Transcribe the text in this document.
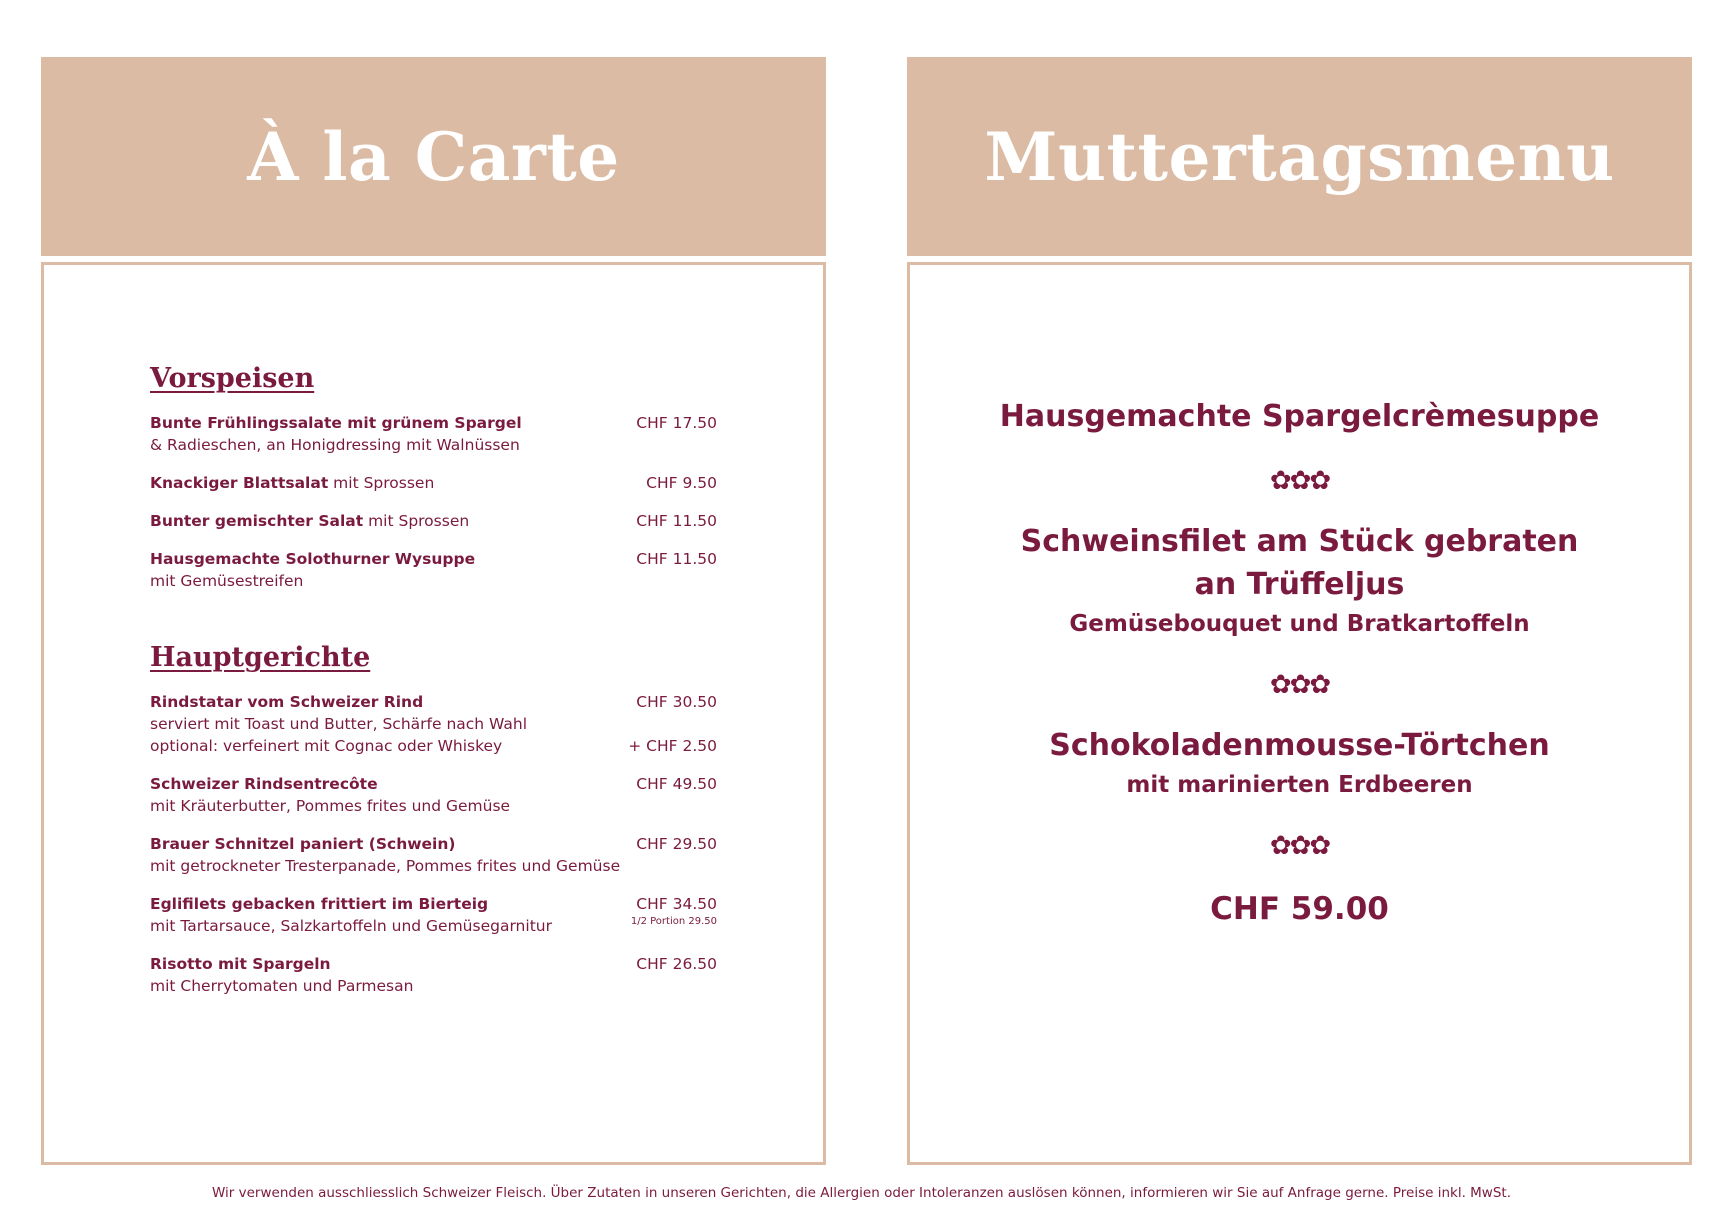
À la Carte
Vorspeisen
Bunte Frühlingssalate mit grünem Spargel
& Radieschen, an Honigdressing mit Walnüssen
CHF 17.50
Knackiger Blattsalat mit Sprossen	CHF 9.50
Bunter gemischter Salat mit Sprossen	CHF 11.50
Hausgemachte Solothurner Wysuppe
mit Gemüsestreifen
CHF 11.50
Hauptgerichte
Rindstatar vom Schweizer Rind
serviert mit Toast und Butter, Schärfe nach Wahl
optional: verfeinert mit Cognac oder Whiskey
CHF 30.50
+ CHF 2.50
Schweizer Rindsentrecôte
mit Kräuterbutter, Pommes frites und Gemüse
CHF 49.50
Brauer Schnitzel paniert (Schwein)
mit getrockneter Tresterpanade, Pommes frites und Gemüse
CHF 29.50
Eglifilets gebacken frittiert im Bierteig
mit Tartarsauce, Salzkartoffeln und Gemüsegarnitur
CHF 34.50
1/2 Portion 29.50
Risotto mit Spargeln
mit Cherrytomaten und Parmesan
CHF 26.50
Muttertagsmenu

Hausgemachte Spargelcrèmesuppe

✿✿✿

Schweinsfilet am Stück gebraten

an Trüffeljus

Gemüsebouquet und Bratkartoffeln

✿✿✿

Schokoladenmousse-Törtchen

mit marinierten Erdbeeren

✿✿✿
CHF 59.00
Wir verwenden ausschliesslich Schweizer Fleisch. Über Zutaten in unseren Gerichten, die Allergien oder Intoleranzen auslösen können, informieren wir Sie auf Anfrage gerne. Preise inkl. MwSt.
